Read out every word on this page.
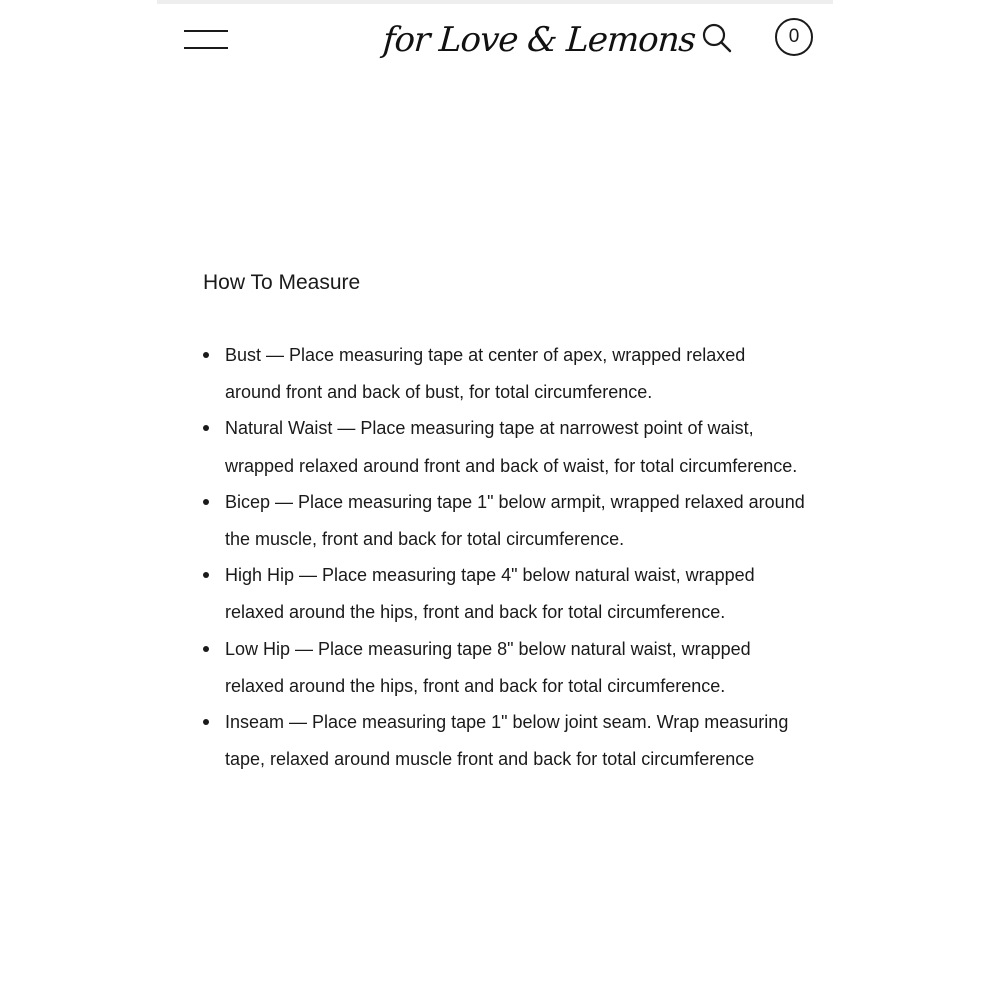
for Love & Lemons	0
How To Measure
Bust — Place measuring tape at center of apex, wrapped relaxed around front and back of bust, for total circumference.
Natural Waist — Place measuring tape at narrowest point of waist, wrapped relaxed around front and back of waist, for total circumference.
Bicep — Place measuring tape 1" below armpit, wrapped relaxed around the muscle, front and back for total circumference.
High Hip — Place measuring tape 4" below natural waist, wrapped relaxed around the hips, front and back for total circumference.
Low Hip — Place measuring tape 8" below natural waist, wrapped relaxed around the hips, front and back for total circumference.
Inseam — Place measuring tape 1" below joint seam. Wrap measuring tape, relaxed around muscle front and back for total circumference
